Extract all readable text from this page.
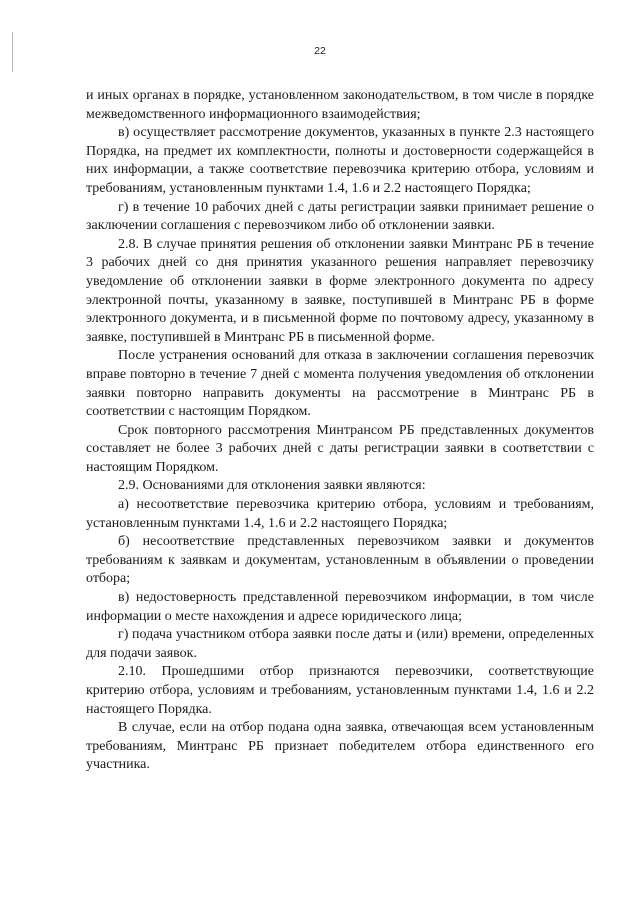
22

и иных органах в порядке, установленном законодательством, в том числе в порядке межведомственного информационного взаимодействия;

в) осуществляет рассмотрение документов, указанных в пункте 2.3 настоящего Порядка, на предмет их комплектности, полноты и достоверности содержащейся в них информации, а также соответствие перевозчика критерию отбора, условиям и требованиям, установленным пунктами 1.4, 1.6 и 2.2 настоящего Порядка;

г) в течение 10 рабочих дней с даты регистрации заявки принимает решение о заключении соглашения с перевозчиком либо об отклонении заявки.

2.8. В случае принятия решения об отклонении заявки Минтранс РБ в течение 3 рабочих дней со дня принятия указанного решения направляет перевозчику уведомление об отклонении заявки в форме электронного документа по адресу электронной почты, указанному в заявке, поступившей в Минтранс РБ в форме электронного документа, и в письменной форме по почтовому адресу, указанному в заявке, поступившей в Минтранс РБ в письменной форме.

После устранения оснований для отказа в заключении соглашения перевозчик вправе повторно в течение 7 дней с момента получения уведомления об отклонении заявки повторно направить документы на рассмотрение в Минтранс РБ в соответствии с настоящим Порядком.

Срок повторного рассмотрения Минтрансом РБ представленных документов составляет не более 3 рабочих дней с даты регистрации заявки в соответствии с настоящим Порядком.

2.9. Основаниями для отклонения заявки являются:

а) несоответствие перевозчика критерию отбора, условиям и требованиям, установленным пунктами 1.4, 1.6 и 2.2 настоящего Порядка;

б) несоответствие представленных перевозчиком заявки и документов требованиям к заявкам и документам, установленным в объявлении о проведении отбора;

в) недостоверность представленной перевозчиком информации, в том числе информации о месте нахождения и адресе юридического лица;

г) подача участником отбора заявки после даты и (или) времени, определенных для подачи заявок.

2.10. Прошедшими отбор признаются перевозчики, соответствующие критерию отбора, условиям и требованиям, установленным пунктами 1.4, 1.6 и 2.2 настоящего Порядка.

В случае, если на отбор подана одна заявка, отвечающая всем установленным требованиям, Минтранс РБ признает победителем отбора единственного его участника.
